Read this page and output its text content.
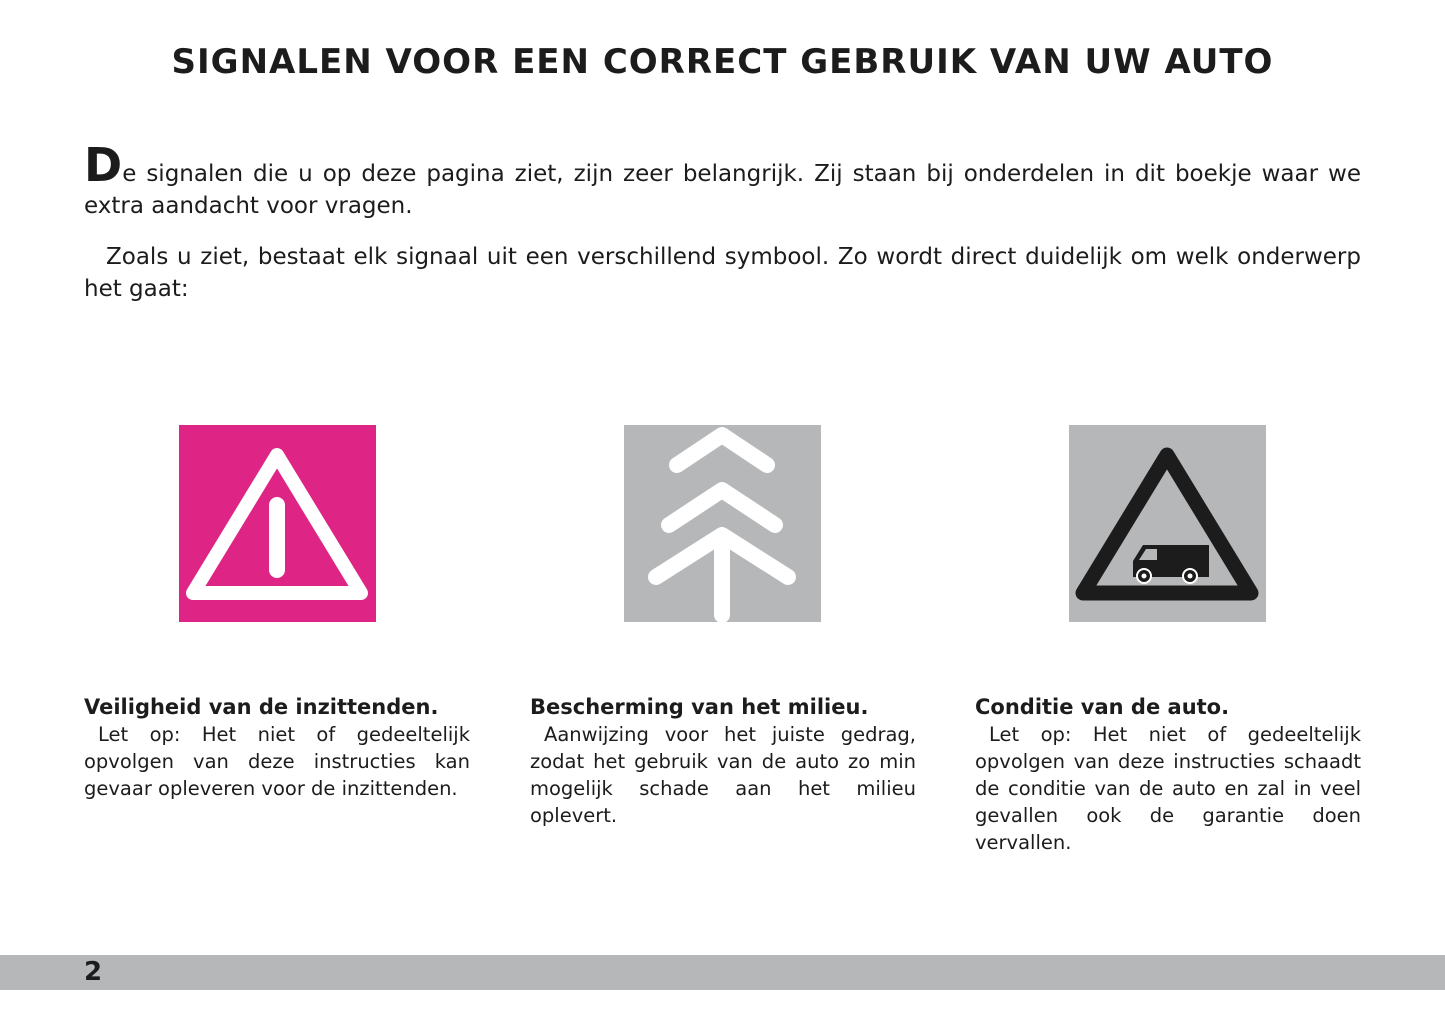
SIGNALEN VOOR EEN CORRECT GEBRUIK VAN UW AUTO

De signalen die u op deze pagina ziet, zijn zeer belangrijk. Zij staan bij onderdelen in dit boekje waar we extra aandacht voor vragen.

Zoals u ziet, bestaat elk signaal uit een verschillend symbool. Zo wordt direct duidelijk om welk onderwerp het gaat:

Veiligheid van de inzittenden.
Let op: Het niet of gedeeltelijk opvolgen van deze instructies kan gevaar opleveren voor de inzittenden.
Bescherming van het milieu.
Aanwijzing voor het juiste gedrag, zodat het gebruik van de auto zo min mogelijk schade aan het milieu oplevert.
Conditie van de auto.
Let op: Het niet of gedeeltelijk opvolgen van deze instructies schaadt de conditie van de auto en zal in veel gevallen ook de garantie doen vervallen.
2
